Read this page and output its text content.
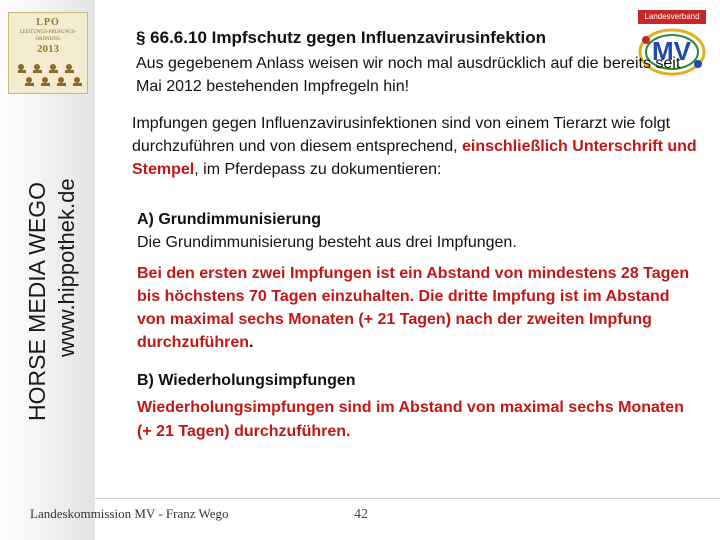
LPO
LEISTUNGS-PRÜFUNGS-
ORDNUNG
2013
HORSE MEDIA WEGO www.hippothek.de
Landesverband
MV
§ 66.6.10 Impfschutz gegen Influenzavirusinfektion
Aus gegebenem Anlass weisen wir noch mal ausdrücklich auf die bereits seit Mai 2012 bestehenden Impfregeln hin!
Impfungen gegen Influenzavirusinfektionen sind von einem Tierarzt wie folgt durchzuführen und von diesem entsprechend, einschließlich Unterschrift und Stempel, im Pferdepass zu dokumentieren:
A) Grundimmunisierung
Die Grundimmunisierung besteht aus drei Impfungen.
Bei den ersten zwei Impfungen ist ein Abstand von mindestens 28 Tagen bis höchstens 70 Tagen einzuhalten. Die dritte Impfung ist im Abstand von maximal sechs Monaten (+ 21 Tagen) nach der zweiten Impfung durchzuführen.
B) Wiederholungsimpfungen
Wiederholungsimpfungen sind im Abstand von maximal sechs Monaten (+ 21 Tagen) durchzuführen.
Landeskommission MV - Franz Wego	42
